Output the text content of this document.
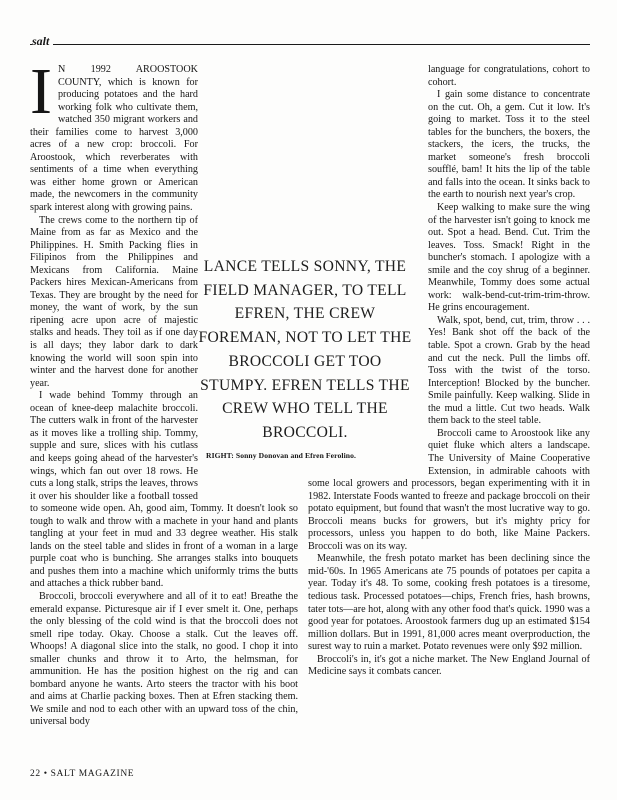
salt

I N 1992 AROOSTOOK COUNTY, which is known for producing potatoes and the hard working folk who cultivate them, watched 350 migrant workers and their families come to harvest 3,000 acres of a new crop: broccoli. For Aroostook, which reverberates with sentiments of a time when everything was either home grown or American made, the newcomers in the community spark interest along with growing pains.

The crews come to the northern tip of Maine from as far as Mexico and the Philippines. H. Smith Packing flies in Filipinos from the Philippines and Mexicans from California. Maine Packers hires Mexican-Americans from Texas. They are brought by the need for money, the want of work, by the sun ripening acre upon acre of majestic stalks and heads. They toil as if one day is all days; they labor dark to dark knowing the world will soon spin into winter and the harvest done for another year.

I wade behind Tommy through an ocean of knee-deep malachite broccoli. The cutters walk in front of the harvester as it moves like a trolling ship. Tommy, supple and sure, slices with his cutlass and keeps going ahead of the harvester's wings, which fan out over 18 rows. He cuts a long stalk, strips the leaves, throws it over his shoulder like a football tossed to someone wide open. Ah, good aim, Tommy. It doesn't look so tough to walk and throw with a machete in your hand and plants tangling at your feet in mud and 33 degree weather. His stalk lands on the steel table and slides in front of a woman in a large purple coat who is bunching. She arranges stalks into bouquets and pushes them into a machine which uniformly trims the butts and attaches a thick rubber band.

Broccoli, broccoli everywhere and all of it to eat! Breathe the emerald expanse. Picturesque air if I ever smelt it. One, perhaps the only blessing of the cold wind is that the broccoli does not smell ripe today. Okay. Choose a stalk. Cut the leaves off. Whoops! A diagonal slice into the stalk, no good. I chop it into smaller chunks and throw it to Arto, the helmsman, for ammunition. He has the position highest on the rig and can bombard anyone he wants. Arto steers the tractor with his boot and aims at Charlie packing boxes. Then at Efren stacking them. We smile and nod to each other with an upward toss of the chin, universal body

language for congratulations, cohort to cohort.

I gain some distance to concentrate on the cut. Oh, a gem. Cut it low. It's going to market. Toss it to the steel tables for the bunchers, the boxers, the stackers, the icers, the trucks, the market someone's fresh broccoli soufflé, bam! It hits the lip of the table and falls into the ocean. It sinks back to the earth to nourish next year's crop.

Keep walking to make sure the wing of the harvester isn't going to knock me out. Spot a head. Bend. Cut. Trim the leaves. Toss. Smack! Right in the buncher's stomach. I apologize with a smile and the coy shrug of a beginner. Meanwhile, Tommy does some actual work: walk-bend-cut-trim-trim-throw. He grins encouragement.

Walk, spot, bend, cut, trim, throw . . . Yes! Bank shot off the back of the table. Spot a crown. Grab by the head and cut the neck. Pull the limbs off. Toss with the twist of the torso. Interception! Blocked by the buncher. Smile painfully. Keep walking. Slide in the mud a little. Cut two heads. Walk them back to the steel table.

Broccoli came to Aroostook like any quiet fluke which alters a landscape. The University of Maine Cooperative Extension, in admirable cahoots with some local growers and processors, began experimenting with it in 1982. Interstate Foods wanted to freeze and package broccoli on their potato equipment, but found that wasn't the most lucrative way to go. Broccoli means bucks for growers, but it's mighty pricy for processors, unless you happen to do both, like Maine Packers. Broccoli was on its way.

Meanwhile, the fresh potato market has been declining since the mid-'60s. In 1965 Americans ate 75 pounds of potatoes per capita a year. Today it's 48. To some, cooking fresh potatoes is a tiresome, tedious task. Processed potatoes—chips, French fries, hash browns, tater tots—are hot, along with any other food that's quick. 1990 was a good year for potatoes. Aroostook farmers dug up an estimated $154 million dollars. But in 1991, 81,000 acres meant overproduction, the surest way to ruin a market. Potato revenues were only $92 million.

Broccoli's in, it's got a niche market. The New England Journal of Medicine says it combats cancer.

LANCE TELLS SONNY, THE FIELD MANAGER, TO TELL EFREN, THE CREW FOREMAN, NOT TO LET THE BROCCOLI GET TOO STUMPY. EFREN TELLS THE CREW WHO TELL THE BROCCOLI.
RIGHT: Sonny Donovan and Efren Ferolino.
22 • SALT MAGAZINE
